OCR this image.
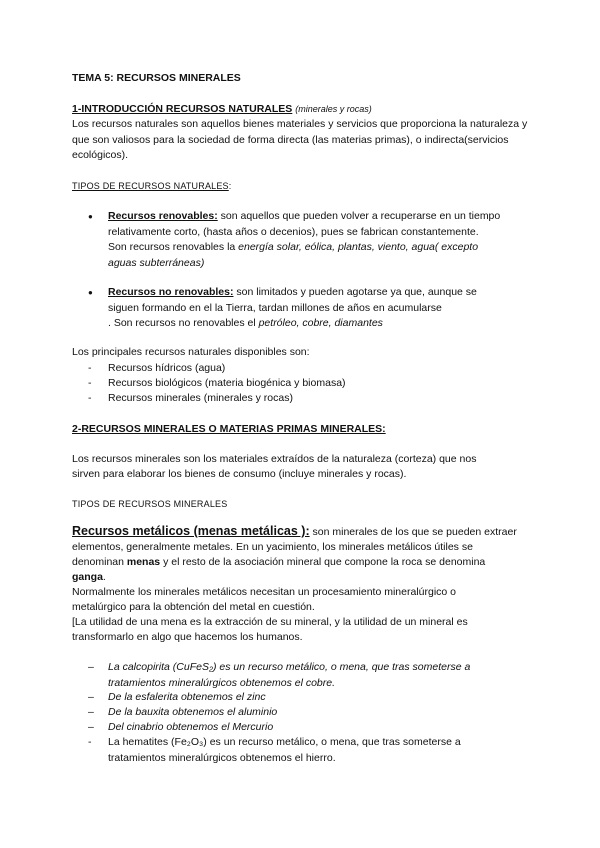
TEMA 5: RECURSOS MINERALES
1-INTRODUCCIÓN RECURSOS NATURALES (minerales y rocas)
Los recursos naturales son aquellos bienes materiales y servicios que proporciona la naturaleza y que son valiosos para la sociedad de forma directa (las materias primas), o indirecta(servicios ecológicos).
TIPOS DE RECURSOS NATURALES:
● Recursos renovables: son aquellos que pueden volver a recuperarse en un tiempo
relativamente corto, (hasta años o decenios), pues se fabrican constantemente.
Son recursos renovables la energía solar, eólica, plantas, viento, agua( excepto
aguas subterráneas)
● Recursos no renovables: son limitados y pueden agotarse ya que, aunque se
siguen formando en el la Tierra, tardan millones de años en acumularse
. Son recursos no renovables el petróleo, cobre, diamantes
Los principales recursos naturales disponibles son:
- Recursos hídricos (agua)
- Recursos biológicos (materia biogénica y biomasa)
- Recursos minerales (minerales y rocas)
2-RECURSOS MINERALES O MATERIAS PRIMAS MINERALES:
Los recursos minerales son los materiales extraídos de la naturaleza (corteza) que nos
sirven para elaborar los bienes de consumo (incluye minerales y rocas).
TIPOS DE RECURSOS MINERALES
Recursos metálicos (menas metálicas ): son minerales de los que se pueden extraer
elementos, generalmente metales. En un yacimiento, los minerales metálicos útiles se
denominan menas y el resto de la asociación mineral que compone la roca se denomina
ganga.
Normalmente los minerales metálicos necesitan un procesamiento mineralúrgico o
metalúrgico para la obtención del metal en cuestión.
[La utilidad de una mena es la extracción de su mineral, y la utilidad de un mineral es
transformarlo en algo que hacemos los humanos.
– La calcopirita (CuFeS₂) es un recurso metálico, o mena, que tras someterse a
tratamientos mineralúrgicos obtenemos el cobre.
– De la esfalerita obtenemos el zinc
– De la bauxita obtenemos el aluminio
– Del cinabrio obtenemos el Mercurio
- La hematites (Fe₂O₃) es un recurso metálico, o mena, que tras someterse a
tratamientos mineralúrgicos obtenemos el hierro.
